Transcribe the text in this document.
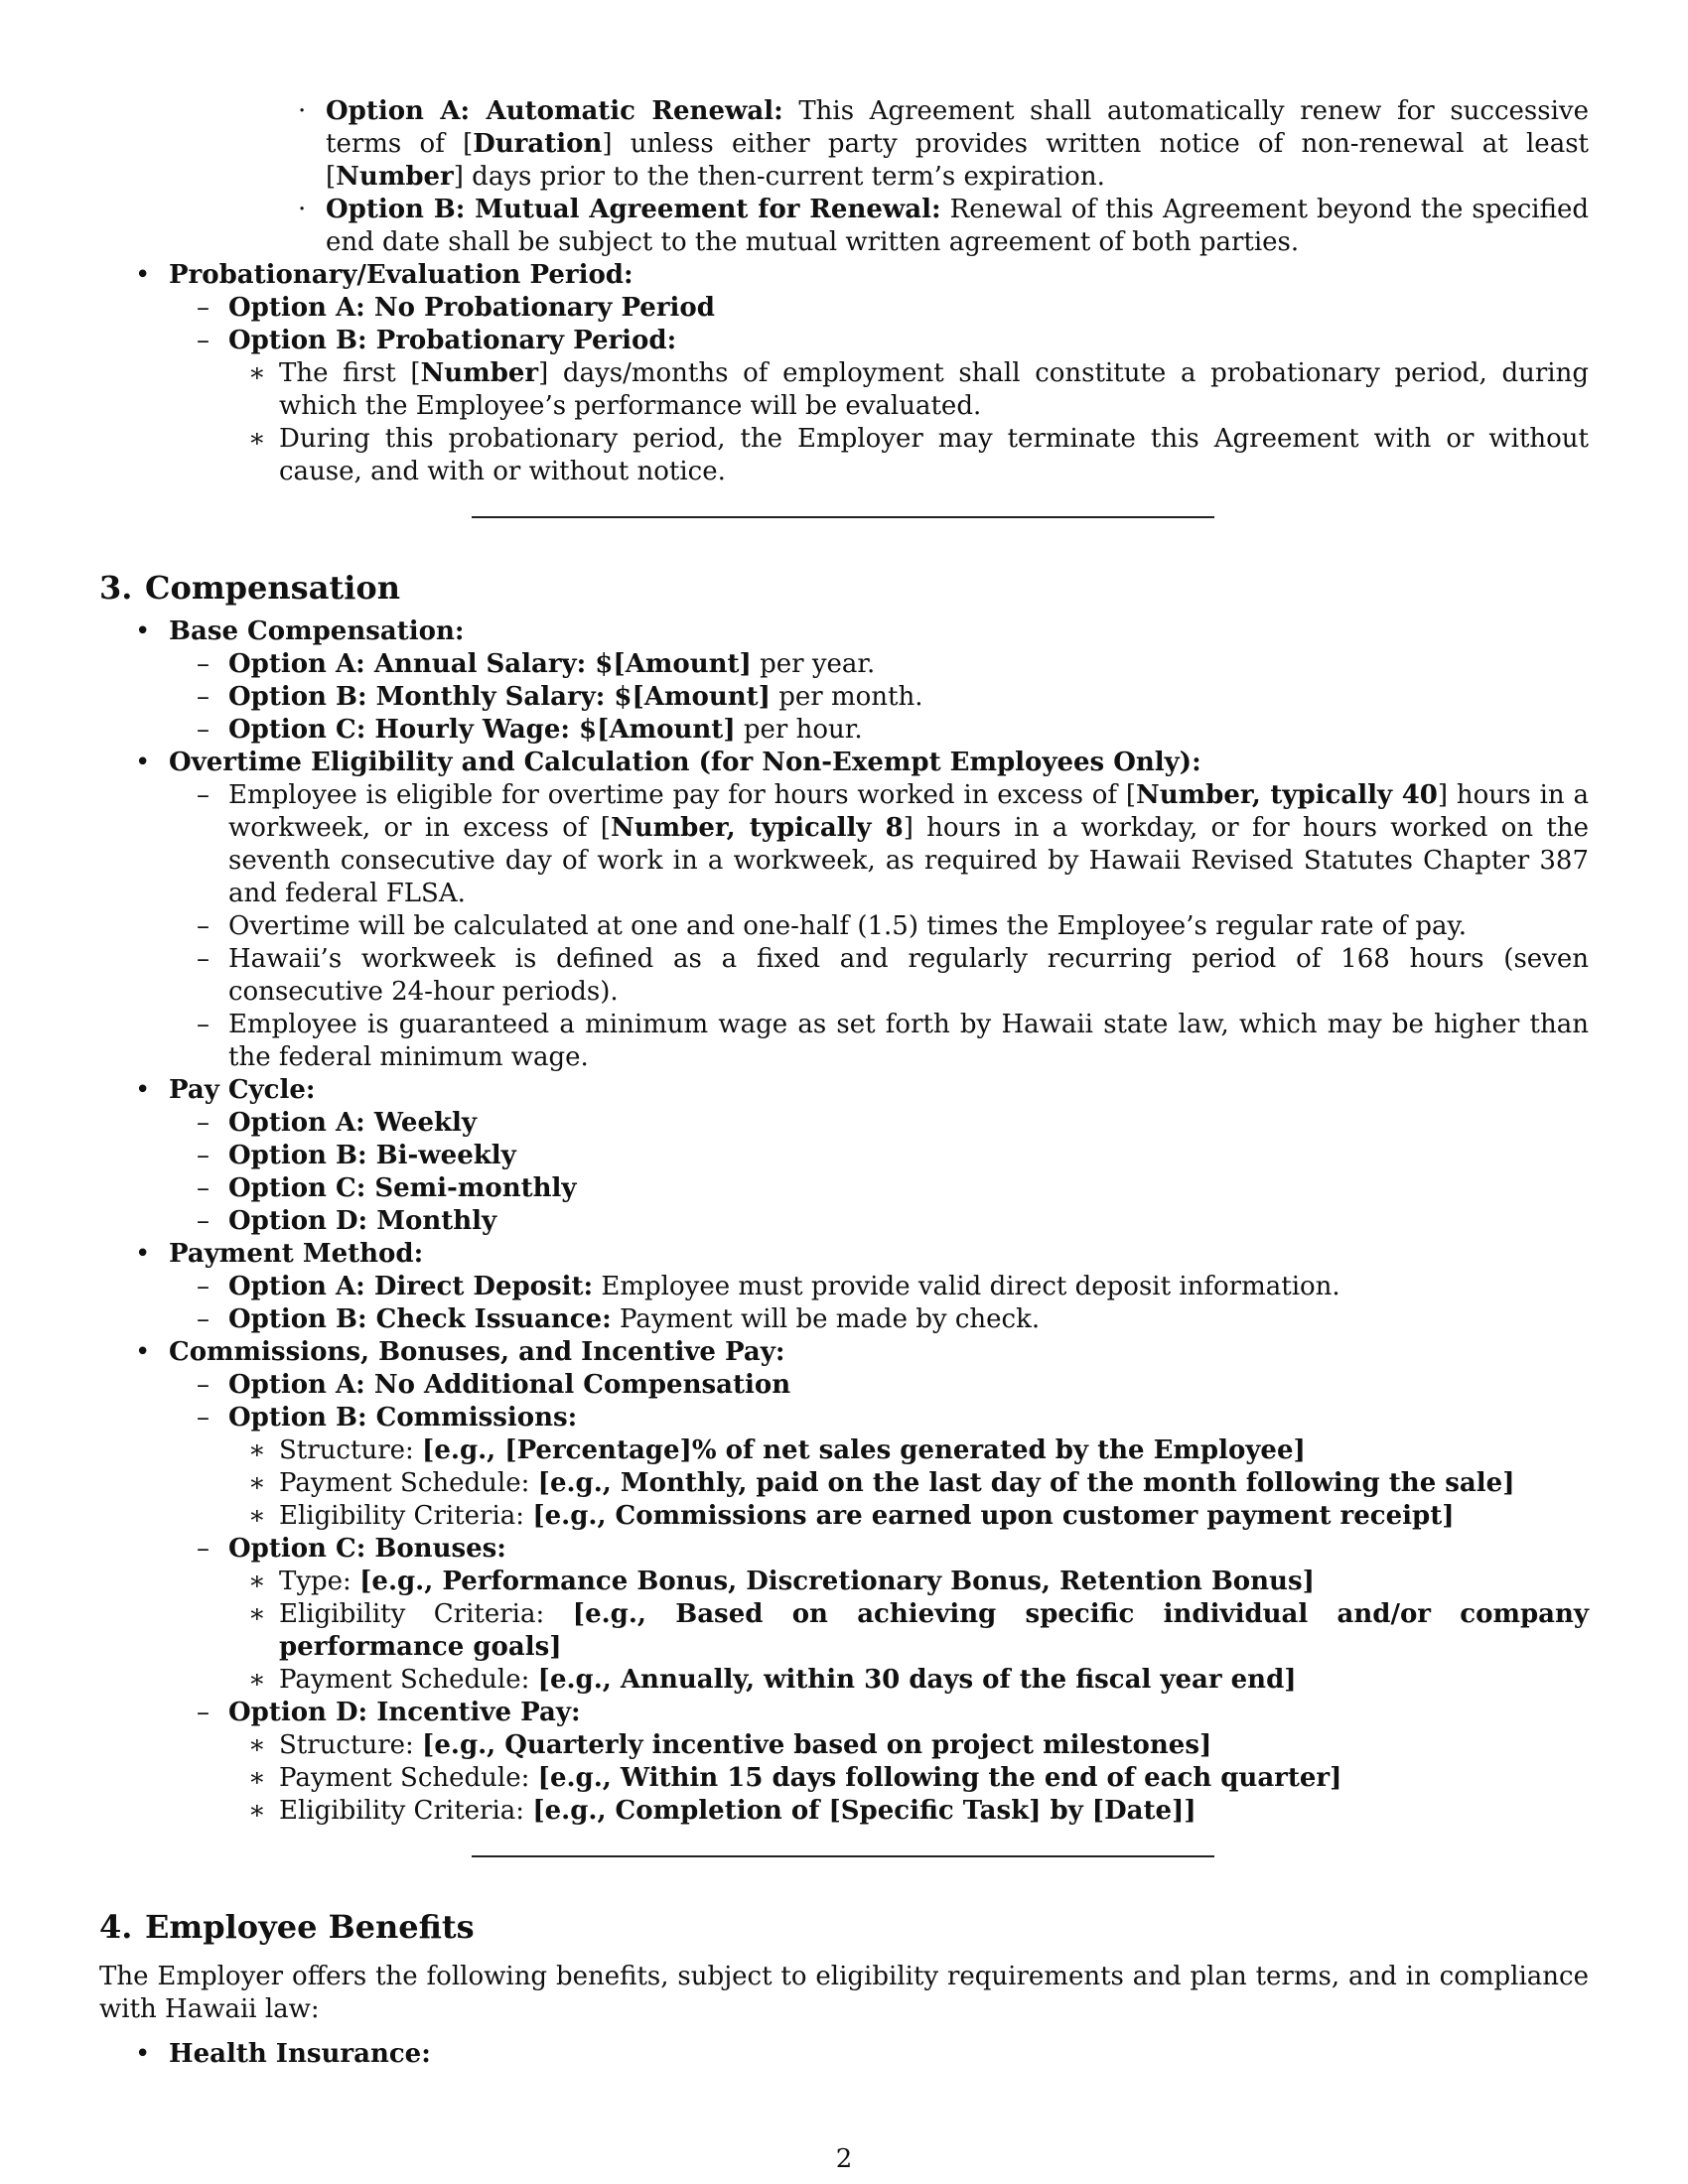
· Option A: Automatic Renewal: This Agreement shall automatically renew for successive terms of [Duration] unless either party provides written notice of non-renewal at least [Number] days prior to the then-current term’s expiration.
· Option B: Mutual Agreement for Renewal: Renewal of this Agreement beyond the specified end date shall be subject to the mutual written agreement of both parties.
• Probationary/Evaluation Period:
– Option A: No Probationary Period
– Option B: Probationary Period:
∗ The first [Number] days/months of employment shall constitute a probationary period, during which the Employee’s performance will be evaluated.
∗ During this probationary period, the Employer may terminate this Agreement with or without cause, and with or without notice.
3. Compensation
• Base Compensation:
– Option A: Annual Salary: $[Amount] per year.
– Option B: Monthly Salary: $[Amount] per month.
– Option C: Hourly Wage: $[Amount] per hour.
• Overtime Eligibility and Calculation (for Non-Exempt Employees Only):
– Employee is eligible for overtime pay for hours worked in excess of [Number, typically 40] hours in a workweek, or in excess of [Number, typically 8] hours in a workday, or for hours worked on the seventh consecutive day of work in a workweek, as required by Hawaii Revised Statutes Chapter 387 and federal FLSA.
– Overtime will be calculated at one and one-half (1.5) times the Employee’s regular rate of pay.
– Hawaii’s workweek is defined as a fixed and regularly recurring period of 168 hours (seven consecutive 24-hour periods).
– Employee is guaranteed a minimum wage as set forth by Hawaii state law, which may be higher than the federal minimum wage.
• Pay Cycle:
– Option A: Weekly
– Option B: Bi-weekly
– Option C: Semi-monthly
– Option D: Monthly
• Payment Method:
– Option A: Direct Deposit: Employee must provide valid direct deposit information.
– Option B: Check Issuance: Payment will be made by check.
• Commissions, Bonuses, and Incentive Pay:
– Option A: No Additional Compensation
– Option B: Commissions:
∗ Structure: [e.g., [Percentage]% of net sales generated by the Employee]
∗ Payment Schedule: [e.g., Monthly, paid on the last day of the month following the sale]
∗ Eligibility Criteria: [e.g., Commissions are earned upon customer payment receipt]
– Option C: Bonuses:
∗ Type: [e.g., Performance Bonus, Discretionary Bonus, Retention Bonus]
∗ Eligibility Criteria: [e.g., Based on achieving specific individual and/or company performance goals]
∗ Payment Schedule: [e.g., Annually, within 30 days of the fiscal year end]
– Option D: Incentive Pay:
∗ Structure: [e.g., Quarterly incentive based on project milestones]
∗ Payment Schedule: [e.g., Within 15 days following the end of each quarter]
∗ Eligibility Criteria: [e.g., Completion of [Specific Task] by [Date]]
4. Employee Benefits
The Employer offers the following benefits, subject to eligibility requirements and plan terms, and in compliance with Hawaii law:
• Health Insurance:
2
